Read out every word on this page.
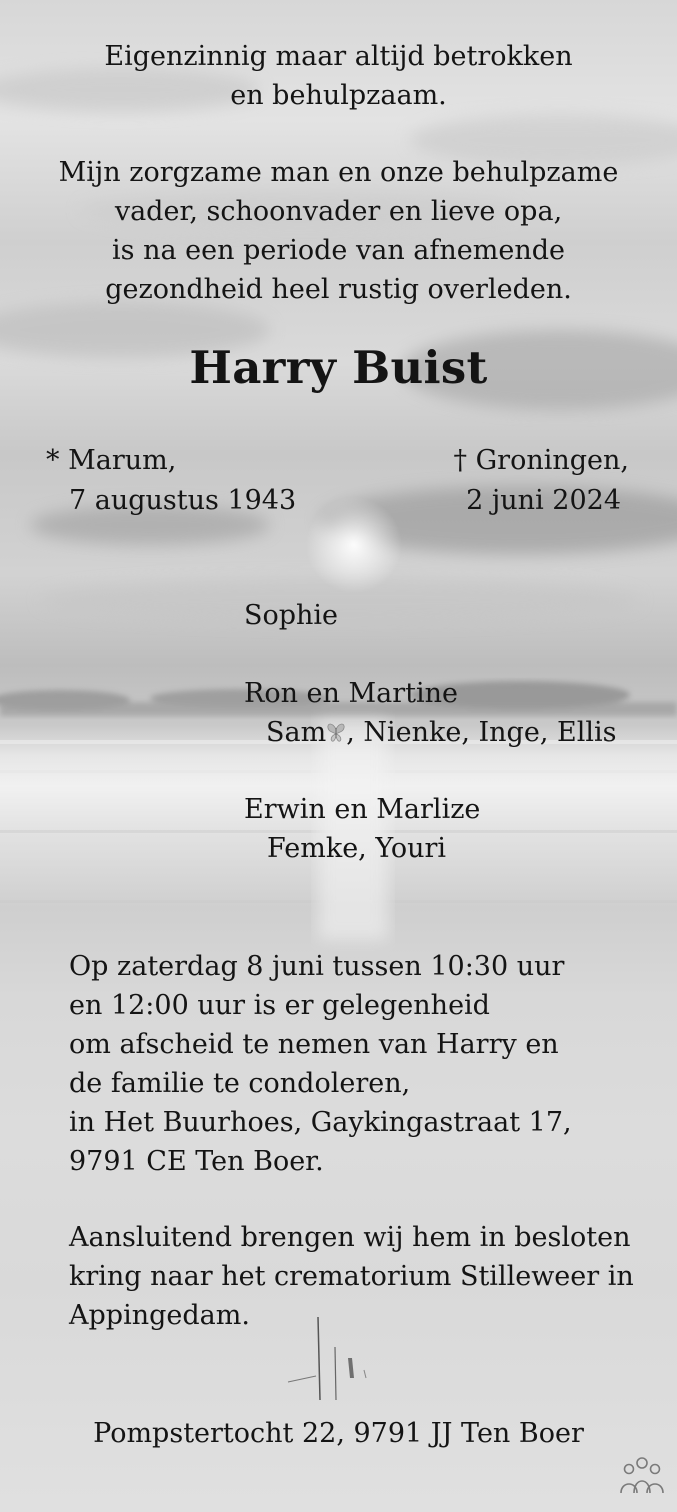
Eigenzinnig maar altijd betrokken
en behulpzaam.
Mijn zorgzame man en onze behulpzame
vader, schoonvader en lieve opa,
is na een periode van afnemende
gezondheid heel rustig overleden.
Harry Buist
* Marum,
7 augustus 1943
† Groningen,
2 juni 2024
Sophie
Ron en Martine
Sam , Nienke, Inge, Ellis
Erwin en Marlize
Femke, Youri
Op zaterdag 8 juni tussen 10:30 uur
en 12:00 uur is er gelegenheid
om afscheid te nemen van Harry en
de familie te condoleren,
in Het Buurhoes, Gaykingastraat 17,
9791 CE Ten Boer.
Aansluitend brengen wij hem in besloten
kring naar het crematorium Stilleweer in
Appingedam.
Pompstertocht 22, 9791 JJ Ten Boer
